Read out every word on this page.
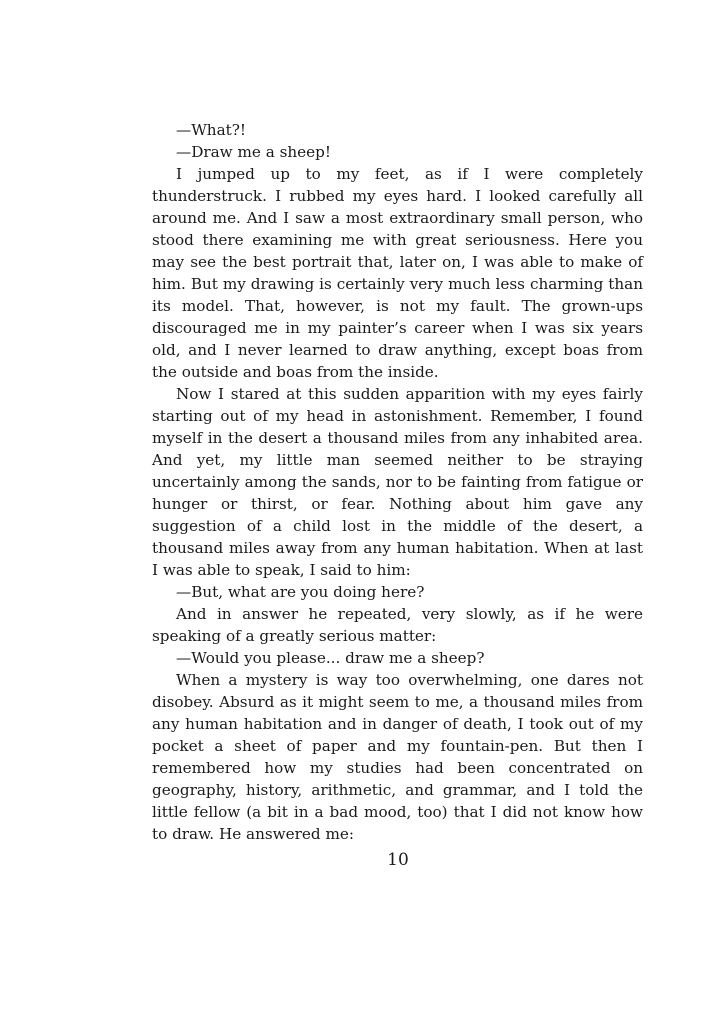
—What?!

—Draw me a sheep!

I jumped up to my feet, as if I were completely thunderstruck. I rubbed my eyes hard. I looked carefully all around me. And I saw a most extraordinary small person, who stood there examining me with great seriousness. Here you may see the best portrait that, later on, I was able to make of him. But my drawing is certainly very much less charming than its model. That, however, is not my fault. The grown-ups discouraged me in my painter’s career when I was six years old, and I never learned to draw anything, except boas from the outside and boas from the inside.

Now I stared at this sudden apparition with my eyes fairly starting out of my head in astonishment. Remember, I found myself in the desert a thousand miles from any inhabited area. And yet, my little man seemed neither to be straying uncertainly among the sands, nor to be fainting from fatigue or hunger or thirst, or fear. Nothing about him gave any suggestion of a child lost in the middle of the desert, a thousand miles away from any human habitation. When at last I was able to speak, I said to him:

—But, what are you doing here?

And in answer he repeated, very slowly, as if he were speaking of a greatly serious matter:

—Would you please... draw me a sheep?

When a mystery is way too overwhelming, one dares not disobey. Absurd as it might seem to me, a thousand miles from any human habitation and in danger of death, I took out of my pocket a sheet of paper and my fountain-pen. But then I remembered how my studies had been concentrated on geography, history, arithmetic, and grammar, and I told the little fellow (a bit in a bad mood, too) that I did not know how to draw. He answered me:

10
